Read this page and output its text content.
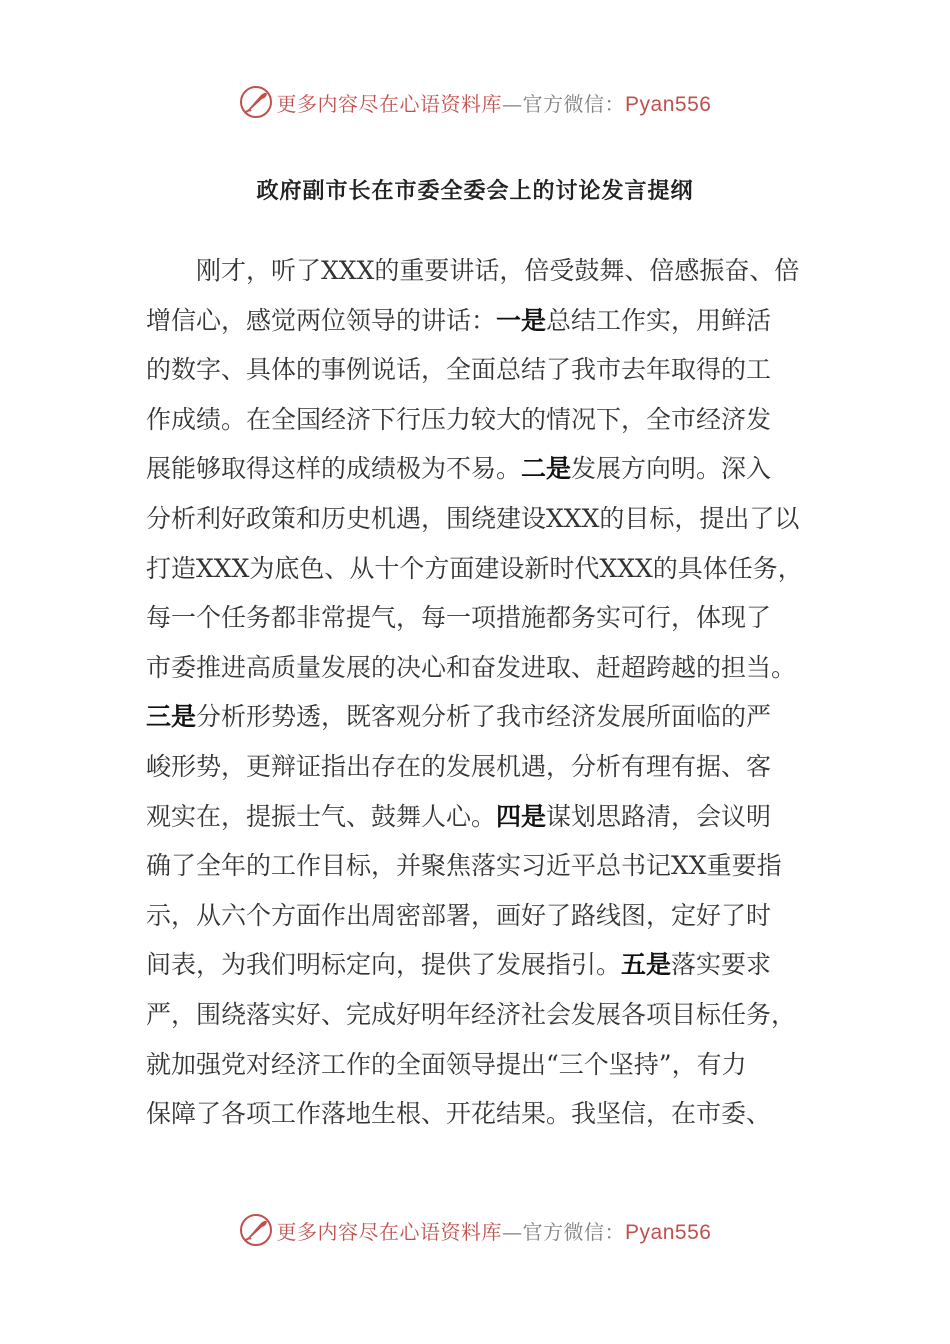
更多内容尽在心语资料库—官方微信：Pyan556
政府副市长在市委全委会上的讨论发言提纲
刚才，听了XXX的重要讲话，倍受鼓舞、倍感振奋、倍
增信心，感觉两位领导的讲话：一是总结工作实，用鲜活
的数字、具体的事例说话，全面总结了我市去年取得的工
作成绩。在全国经济下行压力较大的情况下，全市经济发
展能够取得这样的成绩极为不易。二是发展方向明。深入
分析利好政策和历史机遇，围绕建设XXX的目标，提出了以
打造XXX为底色、从十个方面建设新时代XXX的具体任务，
每一个任务都非常提气，每一项措施都务实可行，体现了
市委推进高质量发展的决心和奋发进取、赶超跨越的担当。
三是分析形势透，既客观分析了我市经济发展所面临的严
峻形势，更辩证指出存在的发展机遇，分析有理有据、客
观实在，提振士气、鼓舞人心。四是谋划思路清，会议明
确了全年的工作目标，并聚焦落实习近平总书记XX重要指
示，从六个方面作出周密部署，画好了路线图，定好了时
间表，为我们明标定向，提供了发展指引。五是落实要求
严，围绕落实好、完成好明年经济社会发展各项目标任务，
就加强党对经济工作的全面领导提出“三个坚持”，有力
保障了各项工作落地生根、开花结果。我坚信，在市委、
更多内容尽在心语资料库—官方微信：Pyan556
